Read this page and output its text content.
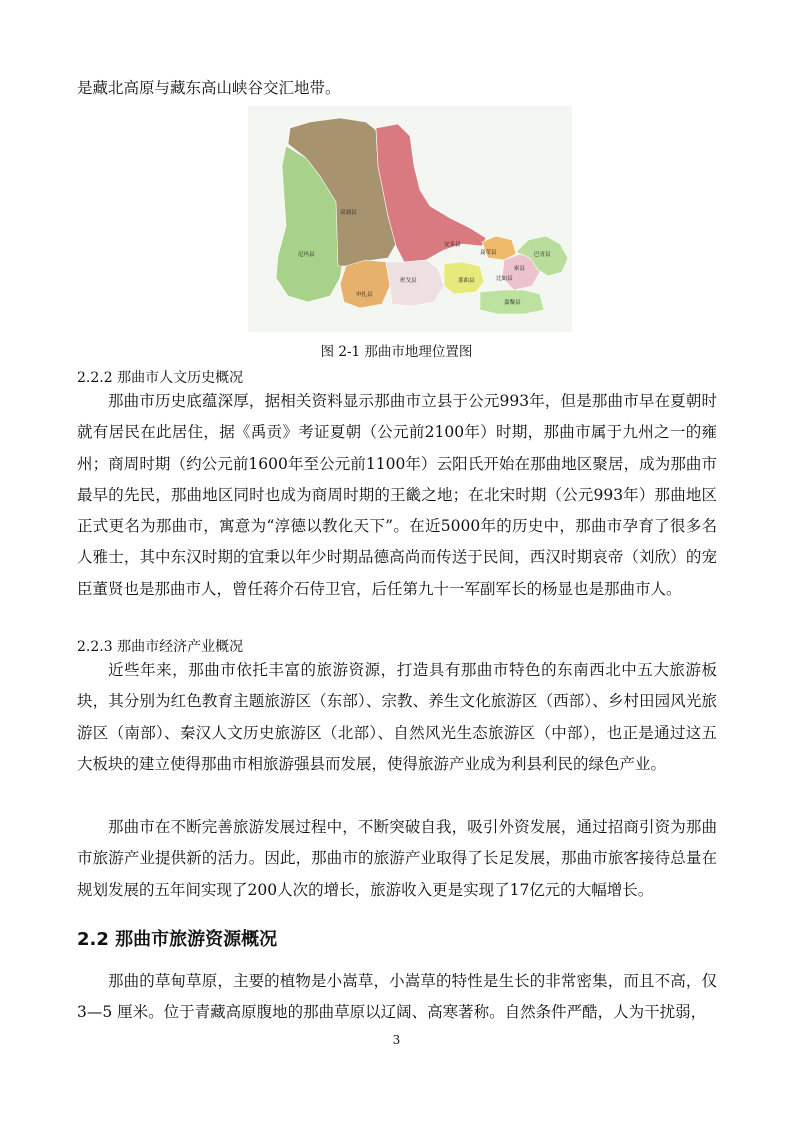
是藏北高原与藏东高山峡谷交汇地带。
双湖县
尼玛县
申扎县
班戈县
安多县
聂荣县
那曲县
巴青县
索县
比如县
嘉黎县
图 2-1 那曲市地理位置图
2.2.2 那曲市人文历史概况

那曲市历史底蕴深厚，据相关资料显示那曲市立县于公元993年，但是那曲市早在夏朝时就有居民在此居住，据《禹贡》考证夏朝（公元前2100年）时期，那曲市属于九州之一的雍州；商周时期（约公元前1600年至公元前1100年）云阳氏开始在那曲地区聚居，成为那曲市最早的先民，那曲地区同时也成为商周时期的王畿之地；在北宋时期（公元993年）那曲地区正式更名为那曲市，寓意为“淳德以教化天下”。在近5000年的历史中，那曲市孕育了很多名人雅士，其中东汉时期的宜秉以年少时期品德高尚而传送于民间，西汉时期哀帝（刘欣）的宠臣董贤也是那曲市人，曾任蒋介石侍卫官，后任第九十一军副军长的杨显也是那曲市人。

2.2.3 那曲市经济产业概况

近些年来，那曲市依托丰富的旅游资源，打造具有那曲市特色的东南西北中五大旅游板块，其分别为红色教育主题旅游区（东部）、宗教、养生文化旅游区（西部）、乡村田园风光旅游区（南部）、秦汉人文历史旅游区（北部）、自然风光生态旅游区（中部），也正是通过这五大板块的建立使得那曲市相旅游强县而发展，使得旅游产业成为利县利民的绿色产业。

那曲市在不断完善旅游发展过程中，不断突破自我，吸引外资发展，通过招商引资为那曲市旅游产业提供新的活力。因此，那曲市的旅游产业取得了长足发展，那曲市旅客接待总量在规划发展的五年间实现了200人次的增长，旅游收入更是实现了17亿元的大幅增长。

2.2 那曲市旅游资源概况

那曲的草甸草原，主要的植物是小嵩草，小嵩草的特性是生长的非常密集，而且不高，仅 3—5 厘米。位于青藏高原腹地的那曲草原以辽阔、高寒著称。自然条件严酷，人为干扰弱，

3
